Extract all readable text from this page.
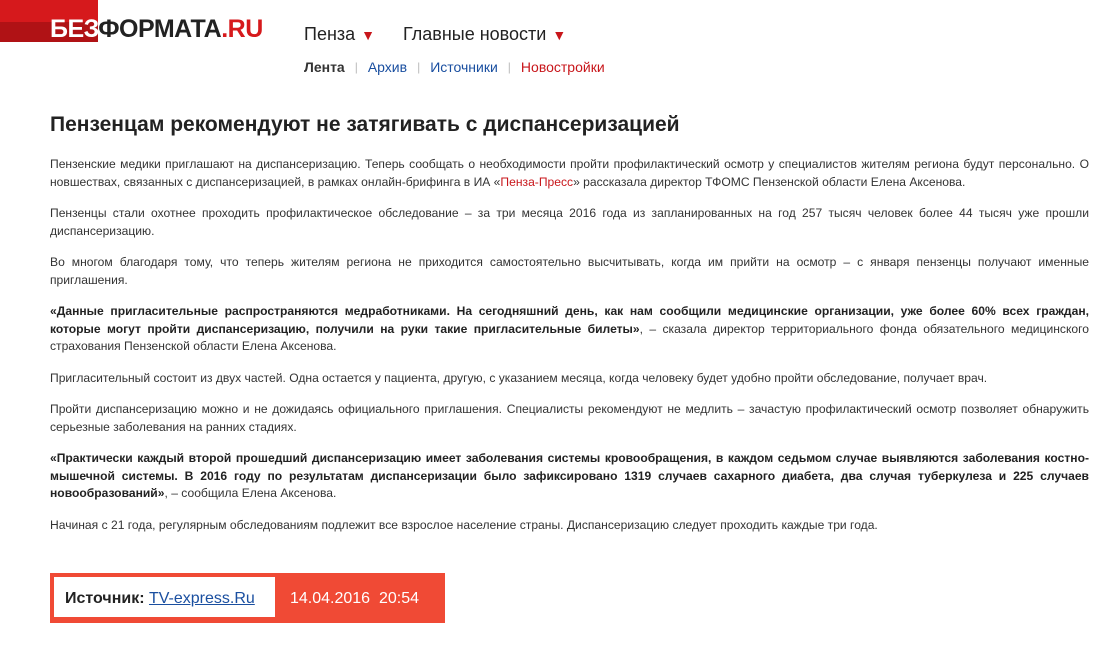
БЕЗФОРМАТА.RU Пенза ▼ Главные новости ▼
Лента | Архив | Источники | Новостройки
Пензенцам рекомендуют не затягивать с диспансеризацией

Пензенские медики приглашают на диспансеризацию. Теперь сообщать о необходимости пройти профилактический осмотр у специалистов жителям региона будут персонально. О новшествах, связанных с диспансеризацией, в рамках онлайн-брифинга в ИА «Пенза-Пресс» рассказала директор ТФОМС Пензенской области Елена Аксенова.

Пензенцы стали охотнее проходить профилактическое обследование – за три месяца 2016 года из запланированных на год 257 тысяч человек более 44 тысяч уже прошли диспансеризацию.

Во многом благодаря тому, что теперь жителям региона не приходится самостоятельно высчитывать, когда им прийти на осмотр – с января пензенцы получают именные приглашения.

«Данные пригласительные распространяются медработниками. На сегодняшний день, как нам сообщили медицинские организации, уже более 60% всех граждан, которые могут пройти диспансеризацию, получили на руки такие пригласительные билеты», – сказала директор территориального фонда обязательного медицинского страхования Пензенской области Елена Аксенова.

Пригласительный состоит из двух частей. Одна остается у пациента, другую, с указанием месяца, когда человеку будет удобно пройти обследование, получает врач.

Пройти диспансеризацию можно и не дожидаясь официального приглашения. Специалисты рекомендуют не медлить – зачастую профилактический осмотр позволяет обнаружить серьезные заболевания на ранних стадиях.

«Практически каждый второй прошедший диспансеризацию имеет заболевания системы кровообращения, в каждом седьмом случае выявляются заболевания костно-мышечной системы. В 2016 году по результатам диспансеризации было зафиксировано 1319 случаев сахарного диабета, два случая туберкулеза и 225 случаев новообразований», – сообщила Елена Аксенова.

Начиная с 21 года, регулярным обследованиям подлежит все взрослое население страны. Диспансеризацию следует проходить каждые три года.

Источник: TV-express.Ru	14.04.2016 20:54
